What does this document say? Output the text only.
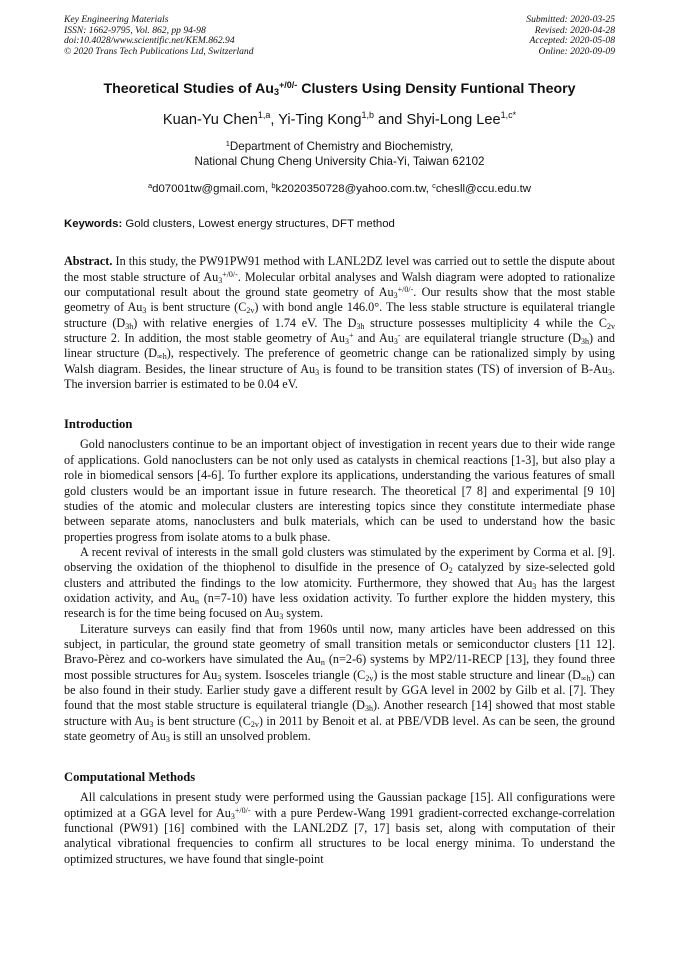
Key Engineering Materials
ISSN: 1662-9795, Vol. 862, pp 94-98
doi:10.4028/www.scientific.net/KEM.862.94
© 2020 Trans Tech Publications Ltd, Switzerland
Submitted: 2020-03-25
Revised: 2020-04-28
Accepted: 2020-05-08
Online: 2020-09-09
Theoretical Studies of $Au_3^{+/0/-}$ Clusters Using Density Funtional Theory
Kuan-Yu Chen$^{1,a}$, Yi-Ting Kong$^{1,b}$ and Shyi-Long Lee$^{1,c*}$
$^1$Department of Chemistry and Biochemistry,
National Chung Cheng University Chia-Yi, Taiwan 62102
$^a$d07001tw@gmail.com, $^b$k2020350728@yahoo.com.tw, $^c$chesll@ccu.edu.tw
Keywords: Gold clusters, Lowest energy structures, DFT method
Abstract. In this study, the PW91PW91 method with LANL2DZ level was carried out to settle the dispute about the most stable structure of $Au_3^{+/0/-}$. Molecular orbital analyses and Walsh diagram were adopted to rationalize our computational result about the ground state geometry of $Au_3^{+/0/-}$. Our results show that the most stable geometry of $Au_3$ is bent structure $(C_{2v})$ with bond angle 146.0°. The less stable structure is equilateral triangle structure $(D_{3h})$ with relative energies of 1.74 eV. The $D_{3h}$ structure possesses multiplicity 4 while the $C_{2v}$ structure 2. In addition, the most stable geometry of $Au_3^+$ and $Au_3^-$ are equilateral triangle structure $(D_{3h})$ and linear structure $(D_{\infty h})$, respectively. The preference of geometric change can be rationalized simply by using Walsh diagram. Besides, the linear structure of $Au_3$ is found to be transition states (TS) of inversion of $B-Au_3$. The inversion barrier is estimated to be 0.04 eV.
Introduction

Gold nanoclusters continue to be an important object of investigation in recent years due to their wide range of applications. Gold nanoclusters can be not only used as catalysts in chemical reactions [1-3], but also play a role in biomedical sensors [4-6]. To further explore its applications, understanding the various features of small gold clusters would be an important issue in future research. The theoretical [7 8] and experimental [9 10] studies of the atomic and molecular clusters are interesting topics since they constitute intermediate phase between separate atoms, nanoclusters and bulk materials, which can be used to understand how the basic properties progress from isolate atoms to a bulk phase.

A recent revival of interests in the small gold clusters was stimulated by the experiment by Corma et al. [9]. observing the oxidation of the thiophenol to disulfide in the presence of $O_2$ catalyzed by size-selected gold clusters and attributed the findings to the low atomicity. Furthermore, they showed that $Au_3$ has the largest oxidation activity, and $Au_n$ (n=7-10) have less oxidation activity. To further explore the hidden mystery, this research is for the time being focused on $Au_3$ system.

Literature surveys can easily find that from 1960s until now, many articles have been addressed on this subject, in particular, the ground state geometry of small transition metals or semiconductor clusters [11 12]. Bravo-Pèrez and co-workers have simulated the $Au_n$ (n=2-6) systems by MP2/11-RECP [13], they found three most possible structures for $Au_3$ system. Isosceles triangle $(C_{2v})$ is the most stable structure and linear $(D_{\infty h})$ can be also found in their study. Earlier study gave a different result by GGA level in 2002 by Gilb et al. [7]. They found that the most stable structure is equilateral triangle $(D_{3h})$. Another research [14] showed that most stable structure with $Au_3$ is bent structure $(C_{2v})$ in 2011 by Benoit et al. at PBE/VDB level. As can be seen, the ground state geometry of $Au_3$ is still an unsolved problem.

Computational Methods

All calculations in present study were performed using the Gaussian package [15]. All configurations were optimized at a GGA level for $Au_3^{+/0/-}$ with a pure Perdew-Wang 1991 gradient-corrected exchange-correlation functional (PW91) [16] combined with the LANL2DZ [7, 17] basis set, along with computation of their analytical vibrational frequencies to confirm all structures to be local energy minima. To understand the optimized structures, we have found that single-point
